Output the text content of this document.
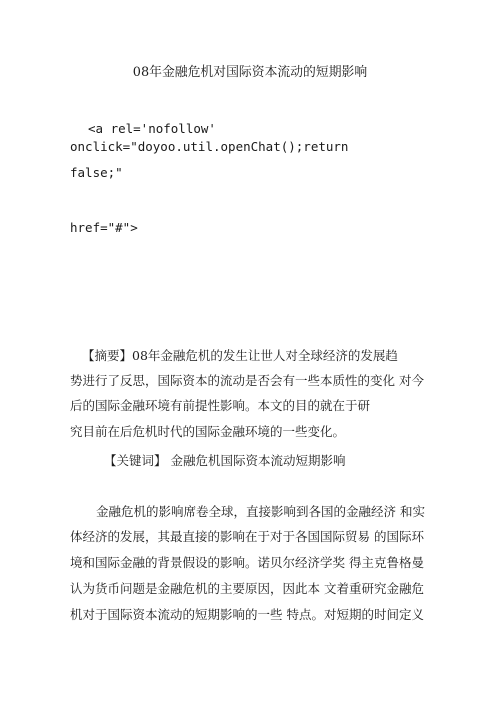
08年金融危机对国际资本流动的短期影响
<a rel='nofollow'
onclick="doyoo.util.openChat();return
false;"
href="#">
【摘要】08年金融危机的发生让世人对全球经济的发展趋
势进行了反思，国际资本的流动是否会有一些本质性的变化 对今
后的国际金融环境有前提性影响。本文的目的就在于研
究目前在后危机时代的国际金融环境的一些变化。
【关键词】 金融危机国际资本流动短期影响
金融危机的影响席卷全球，直接影响到各国的金融经济 和实
体经济的发展，其最直接的影响在于对于各国国际贸易 的国际环
境和国际金融的背景假设的影响。诺贝尔经济学奖 得主克鲁格曼
认为货币问题是金融危机的主要原因，因此本 文着重研究金融危
机对于国际资本流动的短期影响的一些 特点。对短期的时间定义
